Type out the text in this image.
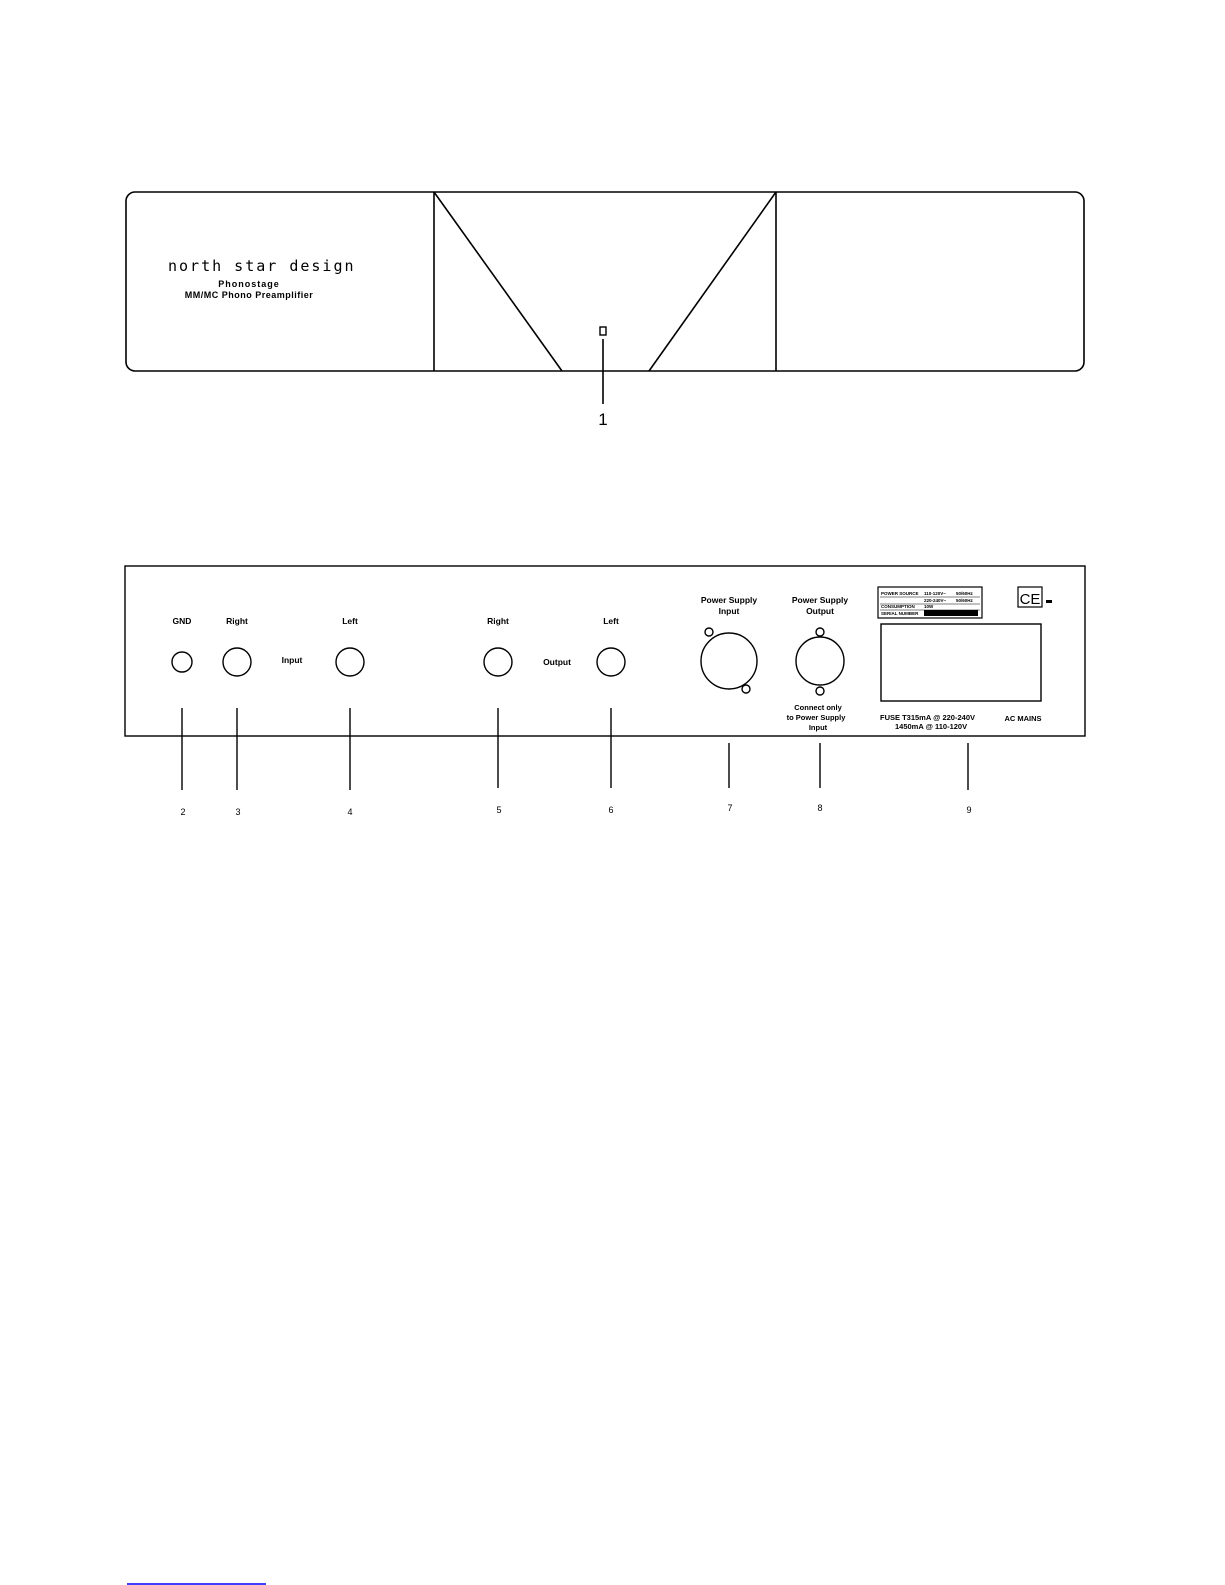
north star design
Phonostage
MM/MC Phono Preamplifier
1
POWER SOURCE 110-120V~ 50/60Hz
220-240V~ 50/60Hz
CONSUMPTION 10W
SERIAL NUMBER
CE
GND	Right
Input
Left	Right
Output
Left
Power Supply
Input
Power Supply
Output
Connect only
to Power Supply
Input
FUSE T315mA @ 220-240V
1450mA @ 110-120V
AC MAINS
2	3	4	5	6	7	8	9
